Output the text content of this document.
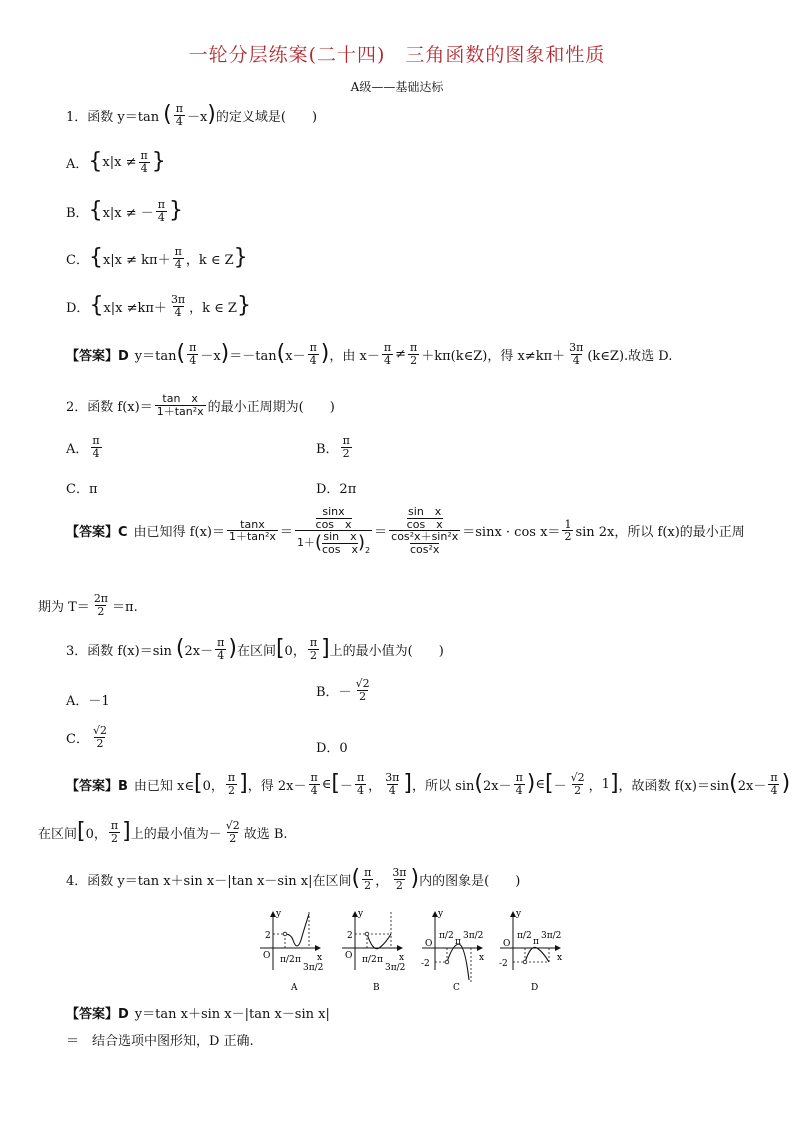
一轮分层练案(二十四)　三角函数的图象和性质
A级——基础达标
1．函数 y＝tan ( $\frac{\pi}{4} -x$ ) 的定义域是(　　)
A． { $x|x \ne \frac{\pi}{4}$ }
B． { x|x ≠ － $\frac{\pi}{4}$ }
C． { $x|x \ne k\pi+ \frac{\pi}{4}$ ，k ∈ Z }
D． { $x|x \ne k\pi+ \frac{3\pi}{4}$ ，k ∈ Z }
【答案】D y＝tan ( $\frac{\pi}{4} -x$ ) ＝－tan ( $x- \frac{\pi}{4}$ ) ，由 $x- \frac{\pi}{4} \ne \frac{\pi}{2}$ ＋kπ(k∈Z)，得 $x\ne k\pi+ \frac{3\pi}{4}$ (k∈Z).故选 D.
2．函数 $f(x)= \frac{\text{tan　x}}{\text{1＋tan²x}}$ 的最小正周期为(　　)
A． $\frac{\pi}{4}$	B． $\frac{\pi}{2}$
C．π	D．2π
【答案】C 由已知得 $f(x)= \frac{\tan x}{\text{1＋tan²x}}$ ＝
sinx
cos　x
1＋ ( sin　x
cos　x ) 2
＝ sin　x
cos　x
cos²x＋sin²x
$\cos^2x =\sin x \cdot \cos x= \frac{1}{2}$ sin 2x，所以 f(x)的最小正周
期为 $T= \frac{2\pi}{2} =\pi$.
3．函数 f(x)＝sin ( $2x- \frac{\pi}{4}$ ) 在区间 [ 0， $\frac{\pi}{2}$ ] 上的最小值为(　　)
A．－1
B．－ $\frac{√2}{2}$
C． $\frac{√2}{2}$	D．0
【答案】B 由已知 x∈ [ 0， $\frac{\pi}{2}$ ] ，得 $2x- \frac{\pi}{4}$ ∈ [ － $\frac{\pi}{4}$ ， $\frac{3\pi}{4}$ ] ，所以 sin ( $2x- \frac{\pi}{4}$ ) ∈ [ － $\frac{√2}{2}$ ， 1 ] ，故函数 f(x)＝sin ( $2x- \frac{\pi}{4}$ )
在区间 [ 0， $\frac{\pi}{2}$ ] 上的最小值为－ $\frac{√2}{2}$ 故选 B.
4．函数 y＝tan x＋sin x－|tan x－sin x|在区间 ( $\frac{\pi}{2}$ ， $\frac{3\pi}{2}$ ) 内的图象是(　　)
y
x
2
O π/2 π
3π/2
A
y
x
2
O π/2 π
3π/2
B
y
x
-2
O
π/2
π
3π/2
C
y
x
-2
O
π/2
π
3π/2
D
【答案】D y＝tan x＋sin x－|tan x－sin x|
＝　结合选项中图形知，D 正确.
